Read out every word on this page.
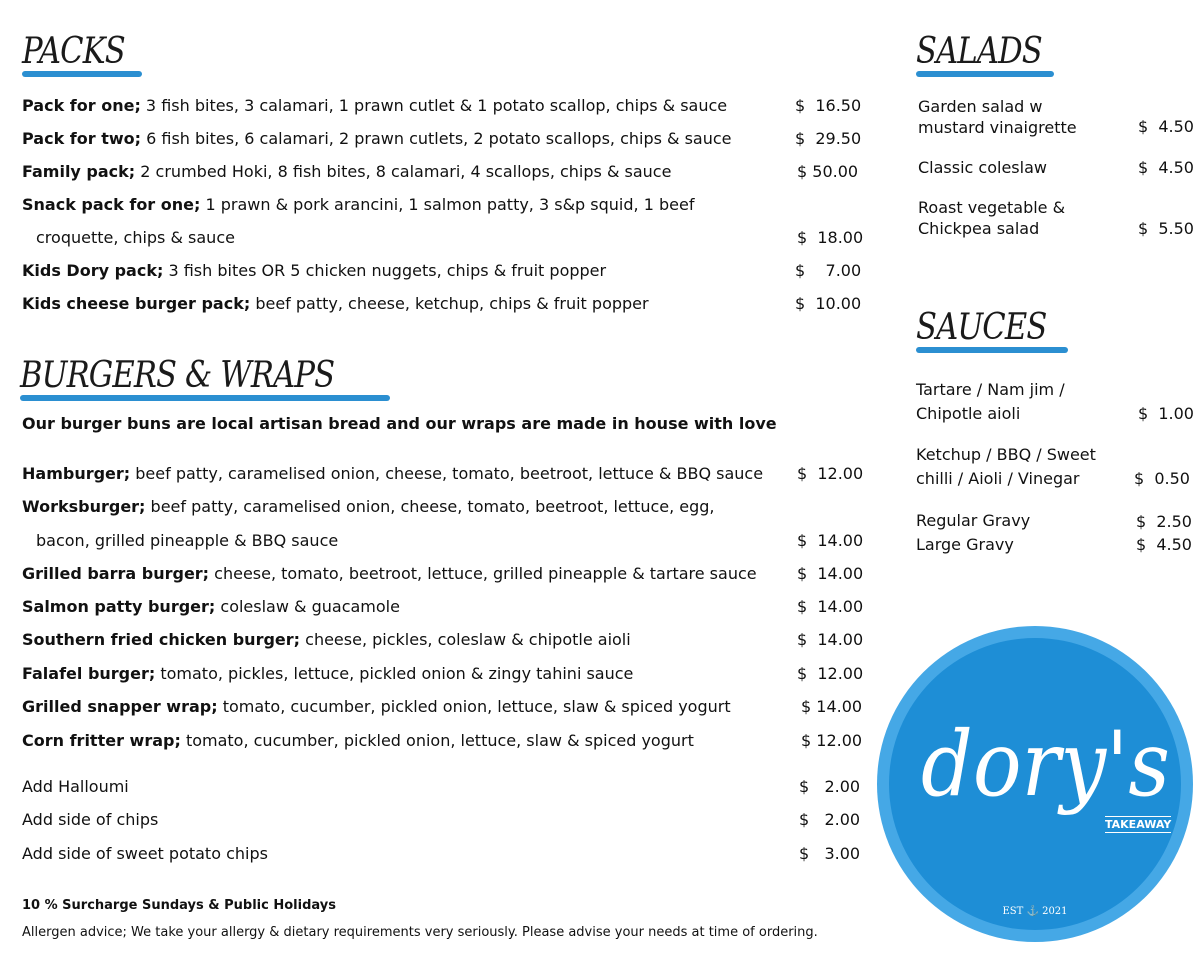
PACKS
Pack for one; 3 fish bites, 3 calamari, 1 prawn cutlet & 1 potato scallop, chips & sauce	$  16.50
Pack for two; 6 fish bites, 6 calamari, 2 prawn cutlets, 2 potato scallops, chips & sauce	$  29.50
Family pack; 2 crumbed Hoki, 8 fish bites, 8 calamari, 4 scallops, chips & sauce	$ 50.00
Snack pack for one; 1 prawn & pork arancini, 1 salmon patty, 3 s&p squid, 1 beef
croquette, chips & sauce	$  18.00
Kids Dory pack; 3 fish bites OR 5 chicken nuggets, chips & fruit popper	$    7.00
Kids cheese burger pack; beef patty, cheese, ketchup, chips & fruit popper	$  10.00
BURGERS & WRAPS
Our burger buns are local artisan bread and our wraps are made in house with love
Hamburger; beef patty, caramelised onion, cheese, tomato, beetroot, lettuce & BBQ sauce $  12.00
Worksburger; beef patty, caramelised onion, cheese, tomato, beetroot, lettuce, egg,
bacon, grilled pineapple & BBQ sauce	$  14.00
Grilled barra burger; cheese, tomato, beetroot, lettuce, grilled pineapple & tartare sauce	$  14.00
Salmon patty burger; coleslaw & guacamole	$  14.00
Southern fried chicken burger; cheese, pickles, coleslaw & chipotle aioli	$  14.00
Falafel burger; tomato, pickles, lettuce, pickled onion & zingy tahini sauce	$  12.00
Grilled snapper wrap; tomato, cucumber, pickled onion, lettuce, slaw & spiced yogurt	$ 14.00
Corn fritter wrap; tomato, cucumber, pickled onion, lettuce, slaw & spiced yogurt	$ 12.00
Add Halloumi	$   2.00
Add side of chips	$   2.00
Add side of sweet potato chips	$   3.00
10 % Surcharge Sundays & Public Holidays
Allergen advice; We take your allergy & dietary requirements very seriously. Please advise your needs at time of ordering.
SALADS
Garden salad w
mustard vinaigrette	$  4.50
Classic coleslaw	$  4.50
Roast vegetable &
Chickpea salad	$  5.50
SAUCES
Tartare / Nam jim /
Chipotle aioli	$  1.00
Ketchup / BBQ / Sweet
chilli / Aioli / Vinegar	$  0.50
Regular Gravy	$  2.50
Large Gravy	$  4.50
dory's
TAKEAWAY
EST ⚓ 2021
